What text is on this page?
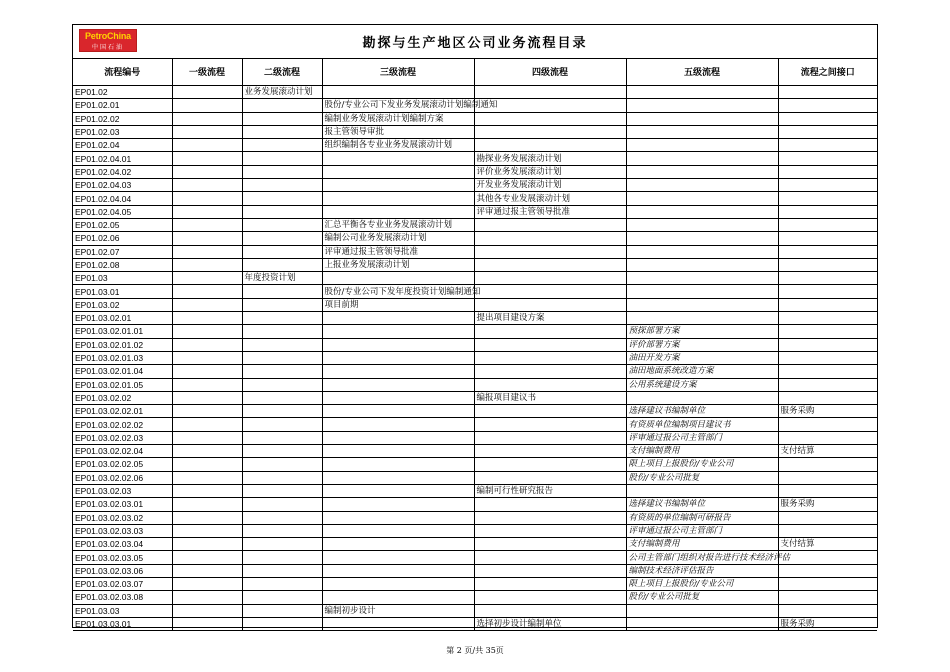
PetroChina
中国石油	勘探与生产地区公司业务流程目录
流程编号	一级流程	二级流程	三级流程	四级流程	五级流程	流程之间接口
EP01.02		业务发展滚动计划				
EP01.02.01			股份/专业公司下发业务发展滚动计划编制通知			
EP01.02.02			编制业务发展滚动计划编制方案			
EP01.02.03			报主管领导审批			
EP01.02.04			组织编制各专业业务发展滚动计划			
EP01.02.04.01				勘探业务发展滚动计划		
EP01.02.04.02				评价业务发展滚动计划		
EP01.02.04.03				开发业务发展滚动计划		
EP01.02.04.04				其他各专业发展滚动计划		
EP01.02.04.05				评审通过报主管领导批准		
EP01.02.05			汇总平衡各专业业务发展滚动计划			
EP01.02.06			编制公司业务发展滚动计划			
EP01.02.07			评审通过报主管领导批准			
EP01.02.08			上报业务发展滚动计划			
EP01.03		年度投资计划				
EP01.03.01			股份/专业公司下发年度投资计划编制通知			
EP01.03.02			项目前期			
EP01.03.02.01				提出项目建设方案		
EP01.03.02.01.01					预探部署方案	
EP01.03.02.01.02					评价部署方案	
EP01.03.02.01.03					油田开发方案	
EP01.03.02.01.04					油田地面系统改造方案	
EP01.03.02.01.05					公用系统建设方案	
EP01.03.02.02				编报项目建议书		
EP01.03.02.02.01					选择建议书编制单位	服务采购
EP01.03.02.02.02					有资质单位编制项目建议书	
EP01.03.02.02.03					评审通过报公司主管部门	
EP01.03.02.02.04					支付编制费用	支付结算
EP01.03.02.02.05					限上项目上报股份/专业公司	
EP01.03.02.02.06					股份/专业公司批复	
EP01.03.02.03				编制可行性研究报告		
EP01.03.02.03.01					选择建议书编制单位	服务采购
EP01.03.02.03.02					有资质的单位编制可研报告	
EP01.03.02.03.03					评审通过报公司主管部门	
EP01.03.02.03.04					支付编制费用	支付结算
EP01.03.02.03.05					公司主管部门组织对报告进行技术经济评估	
EP01.03.02.03.06					编制技术经济评估报告	
EP01.03.02.03.07					限上项目上报股份/专业公司	
EP01.03.02.03.08					股份/专业公司批复	
EP01.03.03			编制初步设计			
EP01.03.03.01				选择初步设计编制单位		服务采购
第 2 页/共 35页
